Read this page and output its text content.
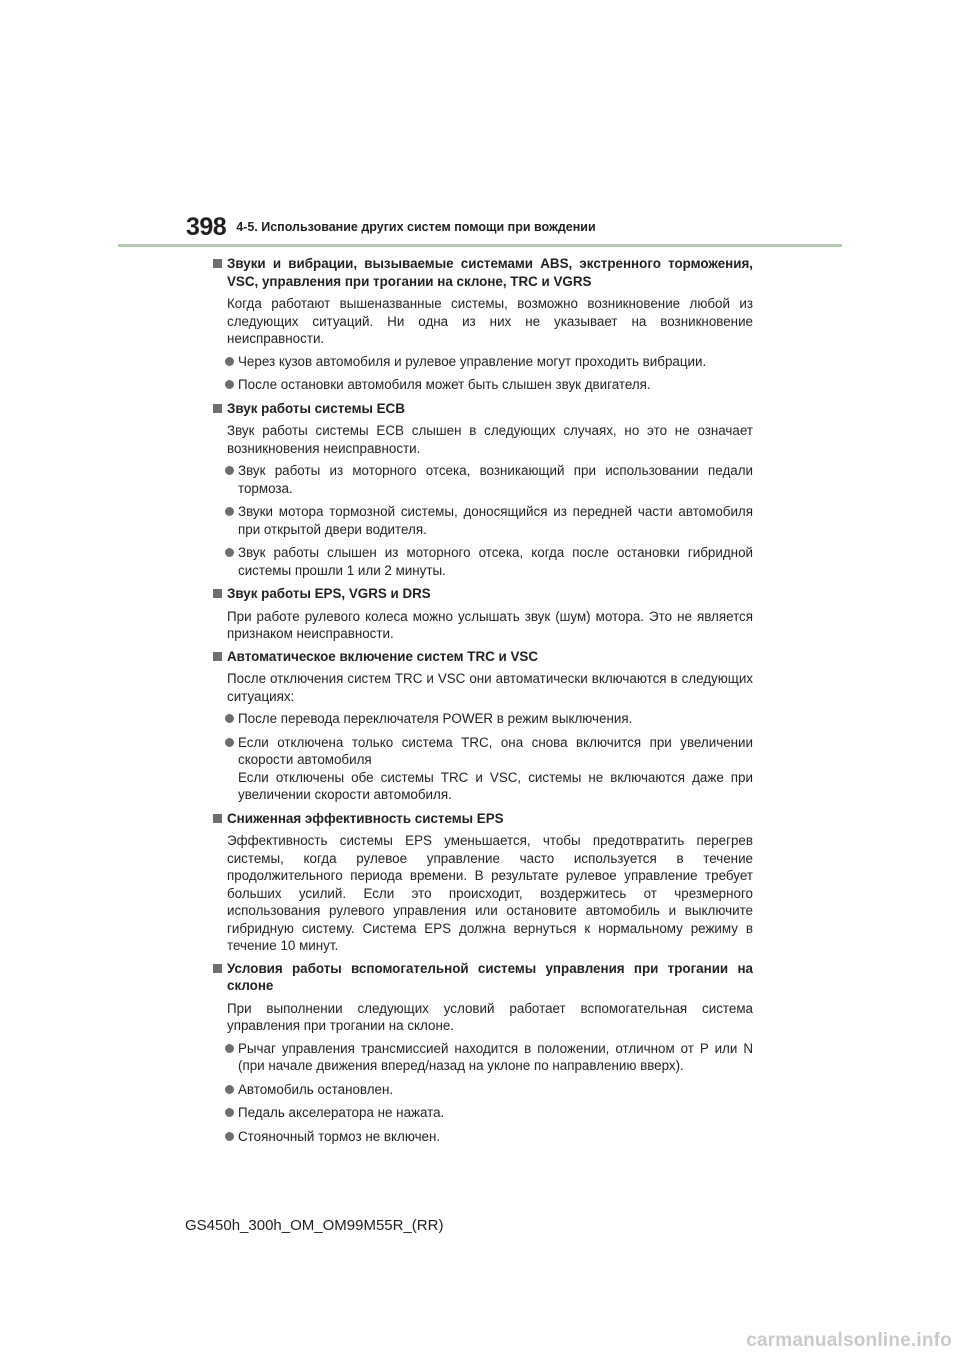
398 4-5. Использование других систем помощи при вождении
Звуки и вибрации, вызываемые системами ABS, экстренного торможения, VSC, управления при трогании на склоне, TRC и VGRS
Когда работают вышеназванные системы, возможно возникновение любой из следующих ситуаций. Ни одна из них не указывает на возникновение неисправности.
Через кузов автомобиля и рулевое управление могут проходить вибрации.
После остановки автомобиля может быть слышен звук двигателя.
Звук работы системы ECB
Звук работы системы ECB слышен в следующих случаях, но это не означает возникновения неисправности.
Звук работы из моторного отсека, возникающий при использовании педали тормоза.
Звуки мотора тормозной системы, доносящийся из передней части автомобиля при открытой двери водителя.
Звук работы слышен из моторного отсека, когда после остановки гибридной системы прошли 1 или 2 минуты.
Звук работы EPS, VGRS и DRS
При работе рулевого колеса можно услышать звук (шум) мотора. Это не является признаком неисправности.
Автоматическое включение систем TRC и VSC
После отключения систем TRC и VSC они автоматически включаются в следующих ситуациях:
После перевода переключателя POWER в режим выключения.
Если отключена только система TRC, она снова включится при увеличении скорости автомобиля
Если отключены обе системы TRC и VSC, системы не включаются даже при увеличении скорости автомобиля.
Сниженная эффективность системы EPS
Эффективность системы EPS уменьшается, чтобы предотвратить перегрев системы, когда рулевое управление часто используется в течение продолжительного периода времени. В результате рулевое управление требует больших усилий. Если это происходит, воздержитесь от чрезмерного использования рулевого управления или остановите автомобиль и выключите гибридную систему. Система EPS должна вернуться к нормальному режиму в течение 10 минут.
Условия работы вспомогательной системы управления при трогании на склоне
При выполнении следующих условий работает вспомогательная система управления при трогании на склоне.
Рычаг управления трансмиссией находится в положении, отличном от P или N (при начале движения вперед/назад на уклоне по направлению вверх).
Автомобиль остановлен.
Педаль акселератора не нажата.
Стояночный тормоз не включен.
GS450h_300h_OM_OM99M55R_(RR)
carmanualsonline.info
